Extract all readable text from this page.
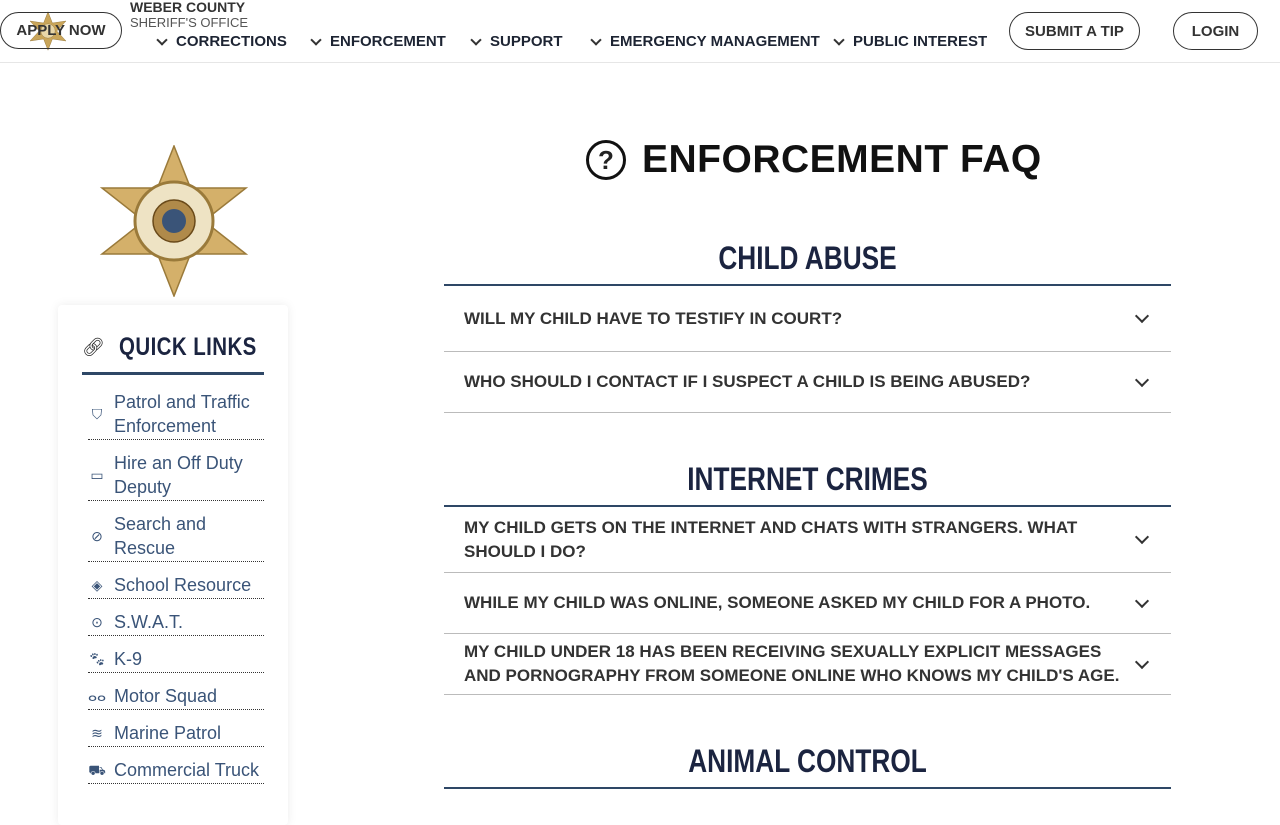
WEBER COUNTY
SHERIFF'S OFFICE
APPLY NOW
CORRECTIONS	ENFORCEMENT	SUPPORT	EMERGENCY MANAGEMENT PUBLIC INTEREST
SUBMIT A TIP	LOGIN
🔗︎ QUICK LINKS
⛉
Patrol and Traffic Enforcement
▭
Hire an Off Duty Deputy
⊘
Search and Rescue
◈ School Resource
⊙ S.W.A.T.
🐾︎ K-9
ⴰⴰ Motor Squad
≋ Marine Patrol
⛟ Commercial Truck
? ENFORCEMENT FAQ
CHILD ABUSE
WILL MY CHILD HAVE TO TESTIFY IN COURT?
WHO SHOULD I CONTACT IF I SUSPECT A CHILD IS BEING ABUSED?
INTERNET CRIMES
MY CHILD GETS ON THE INTERNET AND CHATS WITH STRANGERS. WHAT SHOULD I DO?
WHILE MY CHILD WAS ONLINE, SOMEONE ASKED MY CHILD FOR A PHOTO.
MY CHILD UNDER 18 HAS BEEN RECEIVING SEXUALLY EXPLICIT MESSAGES AND PORNOGRAPHY FROM SOMEONE ONLINE WHO KNOWS MY CHILD'S AGE.
ANIMAL CONTROL
